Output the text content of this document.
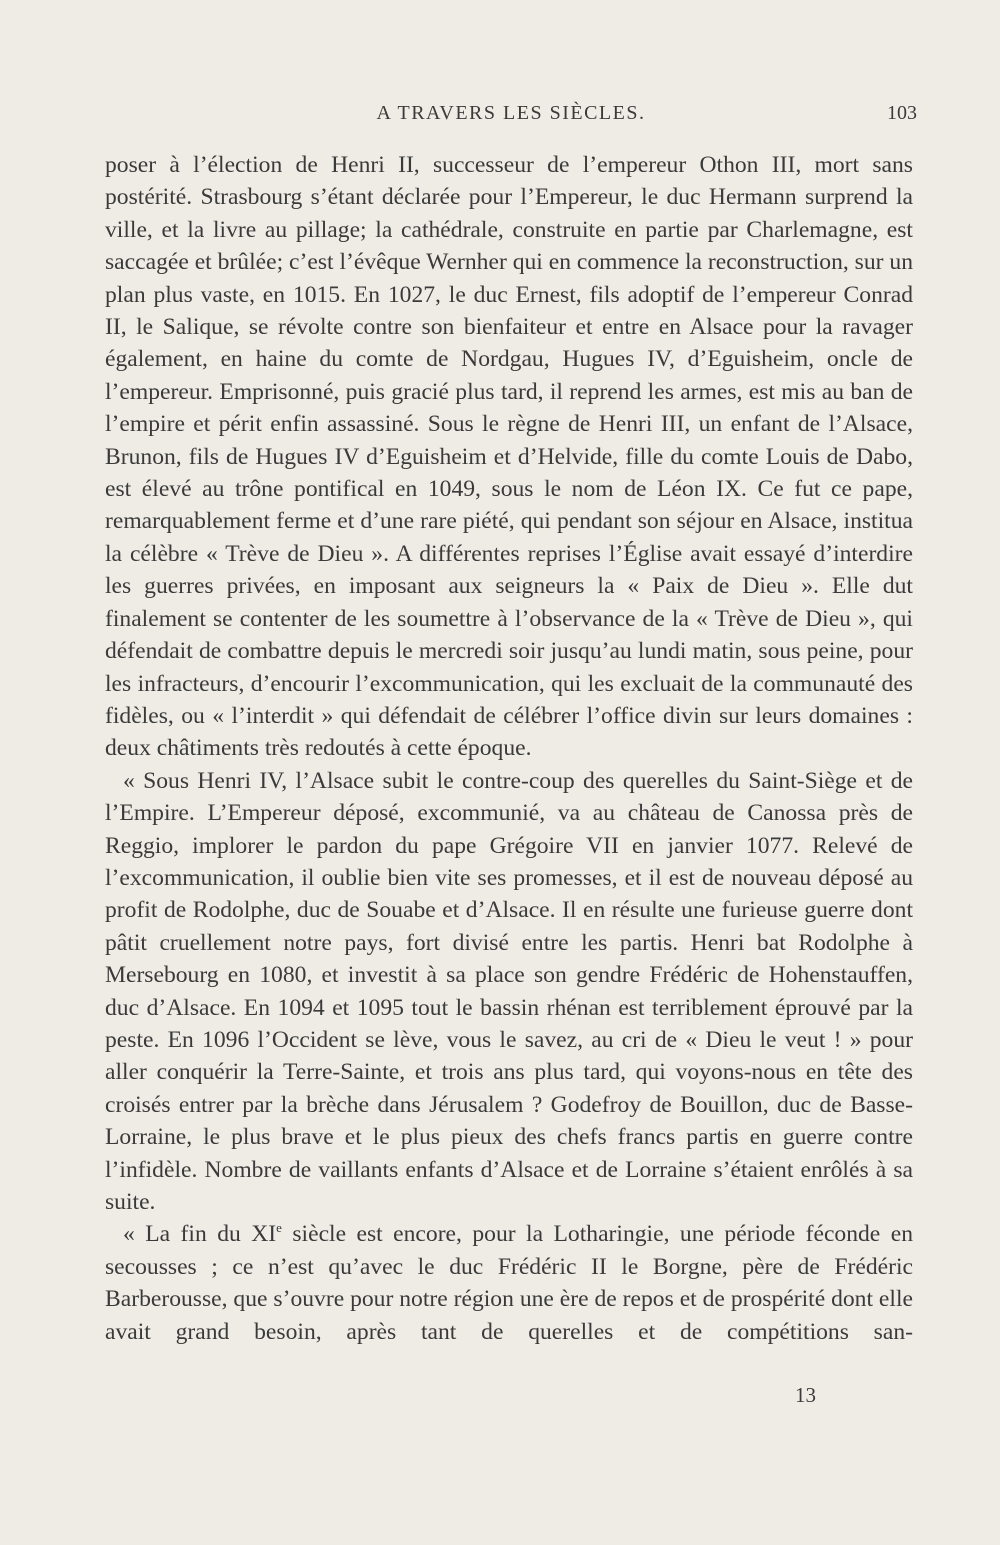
A TRAVERS LES SIÈCLES.	103

poser à l’élection de Henri II, successeur de l’empereur Othon III, mort sans postérité. Strasbourg s’étant déclarée pour l’Empereur, le duc Hermann surprend la ville, et la livre au pillage; la cathédrale, construite en partie par Charlemagne, est saccagée et brûlée; c’est l’évêque Wernher qui en commence la reconstruction, sur un plan plus vaste, en 1015. En 1027, le duc Ernest, fils adoptif de l’empereur Conrad II, le Salique, se révolte contre son bienfaiteur et entre en Alsace pour la ravager également, en haine du comte de Nordgau, Hugues IV, d’Eguisheim, oncle de l’empereur. Emprisonné, puis gracié plus tard, il reprend les armes, est mis au ban de l’empire et périt enfin assassiné. Sous le règne de Henri III, un enfant de l’Alsace, Brunon, fils de Hugues IV d’Eguisheim et d’Helvide, fille du comte Louis de Dabo, est élevé au trône pontifical en 1049, sous le nom de Léon IX. Ce fut ce pape, remarquablement ferme et d’une rare piété, qui pendant son séjour en Alsace, institua la célèbre « Trève de Dieu ». A différentes reprises l’Église avait essayé d’interdire les guerres privées, en imposant aux seigneurs la « Paix de Dieu ». Elle dut finalement se contenter de les soumettre à l’observance de la « Trève de Dieu », qui défendait de combattre depuis le mercredi soir jusqu’au lundi matin, sous peine, pour les infracteurs, d’encourir l’excommunication, qui les excluait de la communauté des fidèles, ou « l’interdit » qui défendait de célébrer l’office divin sur leurs domaines : deux châtiments très redoutés à cette époque.

« Sous Henri IV, l’Alsace subit le contre-coup des querelles du Saint-Siège et de l’Empire. L’Empereur déposé, excommunié, va au château de Canossa près de Reggio, implorer le pardon du pape Grégoire VII en janvier 1077. Relevé de l’excommunication, il oublie bien vite ses promesses, et il est de nouveau déposé au profit de Rodolphe, duc de Souabe et d’Alsace. Il en résulte une furieuse guerre dont pâtit cruellement notre pays, fort divisé entre les partis. Henri bat Rodolphe à Mersebourg en 1080, et investit à sa place son gendre Frédéric de Hohenstauffen, duc d’Alsace. En 1094 et 1095 tout le bassin rhénan est terriblement éprouvé par la peste. En 1096 l’Occident se lève, vous le savez, au cri de « Dieu le veut ! » pour aller conquérir la Terre-Sainte, et trois ans plus tard, qui voyons-nous en tête des croisés entrer par la brèche dans Jérusalem ? Godefroy de Bouillon, duc de Basse-Lorraine, le plus brave et le plus pieux des chefs francs partis en guerre contre l’infidèle. Nombre de vaillants enfants d’Alsace et de Lorraine s’étaient enrôlés à sa suite.

« La fin du XIe siècle est encore, pour la Lotharingie, une période féconde en secousses ; ce n’est qu’avec le duc Frédéric II le Borgne, père de Frédéric Barberousse, que s’ouvre pour notre région une ère de repos et de prospérité dont elle avait grand besoin, après tant de querelles et de compétitions san-

13
